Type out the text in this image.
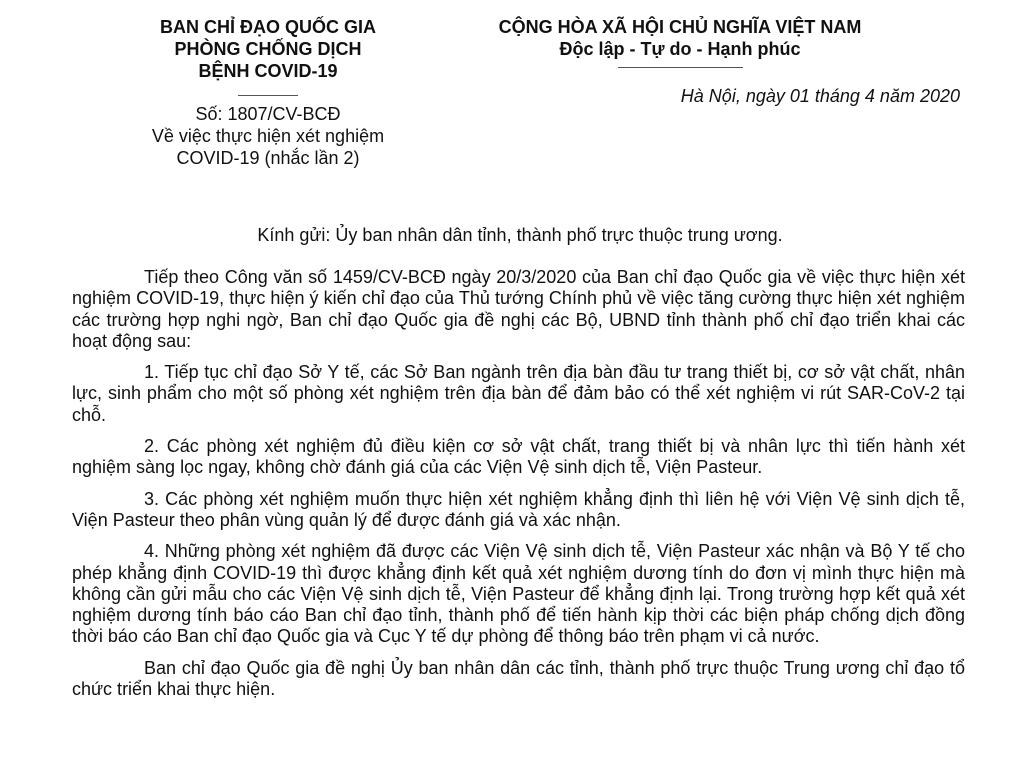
BAN CHỈ ĐẠO QUỐC GIA
PHÒNG CHỐNG DỊCH
BỆNH COVID-19
Số: 1807/CV-BCĐ
Về việc thực hiện xét nghiệm
COVID-19 (nhắc lần 2)
CỘNG HÒA XÃ HỘI CHỦ NGHĨA VIỆT NAM
Độc lập - Tự do - Hạnh phúc
Hà Nội, ngày 01 tháng 4 năm 2020
Kính gửi: Ủy ban nhân dân tỉnh, thành phố trực thuộc trung ương.

Tiếp theo Công văn số 1459/CV-BCĐ ngày 20/3/2020 của Ban chỉ đạo Quốc gia về việc thực hiện xét nghiệm COVID-19, thực hiện ý kiến chỉ đạo của Thủ tướng Chính phủ về việc tăng cường thực hiện xét nghiệm các trường hợp nghi ngờ, Ban chỉ đạo Quốc gia đề nghị các Bộ, UBND tỉnh thành phố chỉ đạo triển khai các hoạt động sau:

1. Tiếp tục chỉ đạo Sở Y tế, các Sở Ban ngành trên địa bàn đầu tư trang thiết bị, cơ sở vật chất, nhân lực, sinh phẩm cho một số phòng xét nghiệm trên địa bàn để đảm bảo có thể xét nghiệm vi rút SAR-CoV-2 tại chỗ.

2. Các phòng xét nghiệm đủ điều kiện cơ sở vật chất, trang thiết bị và nhân lực thì tiến hành xét nghiệm sàng lọc ngay, không chờ đánh giá của các Viện Vệ sinh dịch tễ, Viện Pasteur.

3. Các phòng xét nghiệm muốn thực hiện xét nghiệm khẳng định thì liên hệ với Viện Vệ sinh dịch tễ, Viện Pasteur theo phân vùng quản lý để được đánh giá và xác nhận.

4. Những phòng xét nghiệm đã được các Viện Vệ sinh dịch tễ, Viện Pasteur xác nhận và Bộ Y tế cho phép khẳng định COVID-19 thì được khẳng định kết quả xét nghiệm dương tính do đơn vị mình thực hiện mà không cần gửi mẫu cho các Viện Vệ sinh dịch tễ, Viện Pasteur để khẳng định lại. Trong trường hợp kết quả xét nghiệm dương tính báo cáo Ban chỉ đạo tỉnh, thành phố để tiến hành kịp thời các biện pháp chống dịch đồng thời báo cáo Ban chỉ đạo Quốc gia và Cục Y tế dự phòng để thông báo trên phạm vi cả nước.

Ban chỉ đạo Quốc gia đề nghị Ủy ban nhân dân các tỉnh, thành phố trực thuộc Trung ương chỉ đạo tổ chức triển khai thực hiện.
